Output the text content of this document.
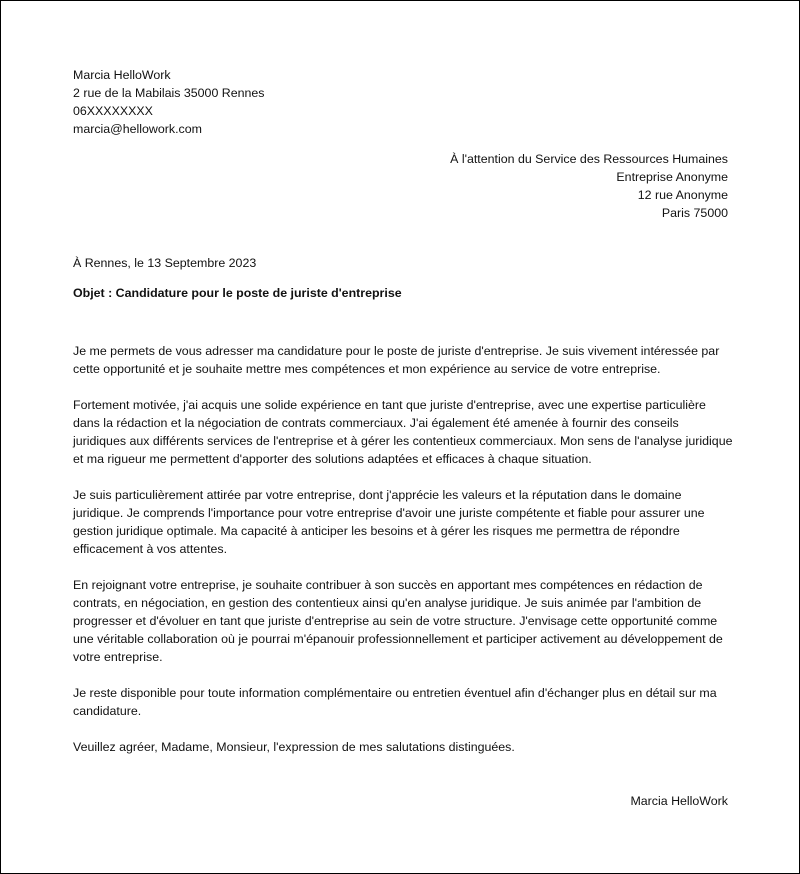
Marcia HelloWork
2 rue de la Mabilais 35000 Rennes
06XXXXXXXX
marcia@hellowork.com
À l'attention du Service des Ressources Humaines
Entreprise Anonyme
12 rue Anonyme
Paris 75000
À Rennes, le 13 Septembre 2023
Objet : Candidature pour le poste de juriste d'entreprise

Je me permets de vous adresser ma candidature pour le poste de juriste d'entreprise. Je suis vivement intéressée par cette opportunité et je souhaite mettre mes compétences et mon expérience au service de votre entreprise.

Fortement motivée, j'ai acquis une solide expérience en tant que juriste d'entreprise, avec une expertise particulière dans la rédaction et la négociation de contrats commerciaux. J'ai également été amenée à fournir des conseils juridiques aux différents services de l'entreprise et à gérer les contentieux commerciaux. Mon sens de l'analyse juridique et ma rigueur me permettent d'apporter des solutions adaptées et efficaces à chaque situation.

Je suis particulièrement attirée par votre entreprise, dont j'apprécie les valeurs et la réputation dans le domaine juridique. Je comprends l'importance pour votre entreprise d'avoir une juriste compétente et fiable pour assurer une gestion juridique optimale. Ma capacité à anticiper les besoins et à gérer les risques me permettra de répondre efficacement à vos attentes.

En rejoignant votre entreprise, je souhaite contribuer à son succès en apportant mes compétences en rédaction de contrats, en négociation, en gestion des contentieux ainsi qu'en analyse juridique. Je suis animée par l'ambition de progresser et d'évoluer en tant que juriste d'entreprise au sein de votre structure. J'envisage cette opportunité comme une véritable collaboration où je pourrai m'épanouir professionnellement et participer activement au développement de votre entreprise.

Je reste disponible pour toute information complémentaire ou entretien éventuel afin d'échanger plus en détail sur ma candidature.

Veuillez agréer, Madame, Monsieur, l'expression de mes salutations distinguées.

Marcia HelloWork
